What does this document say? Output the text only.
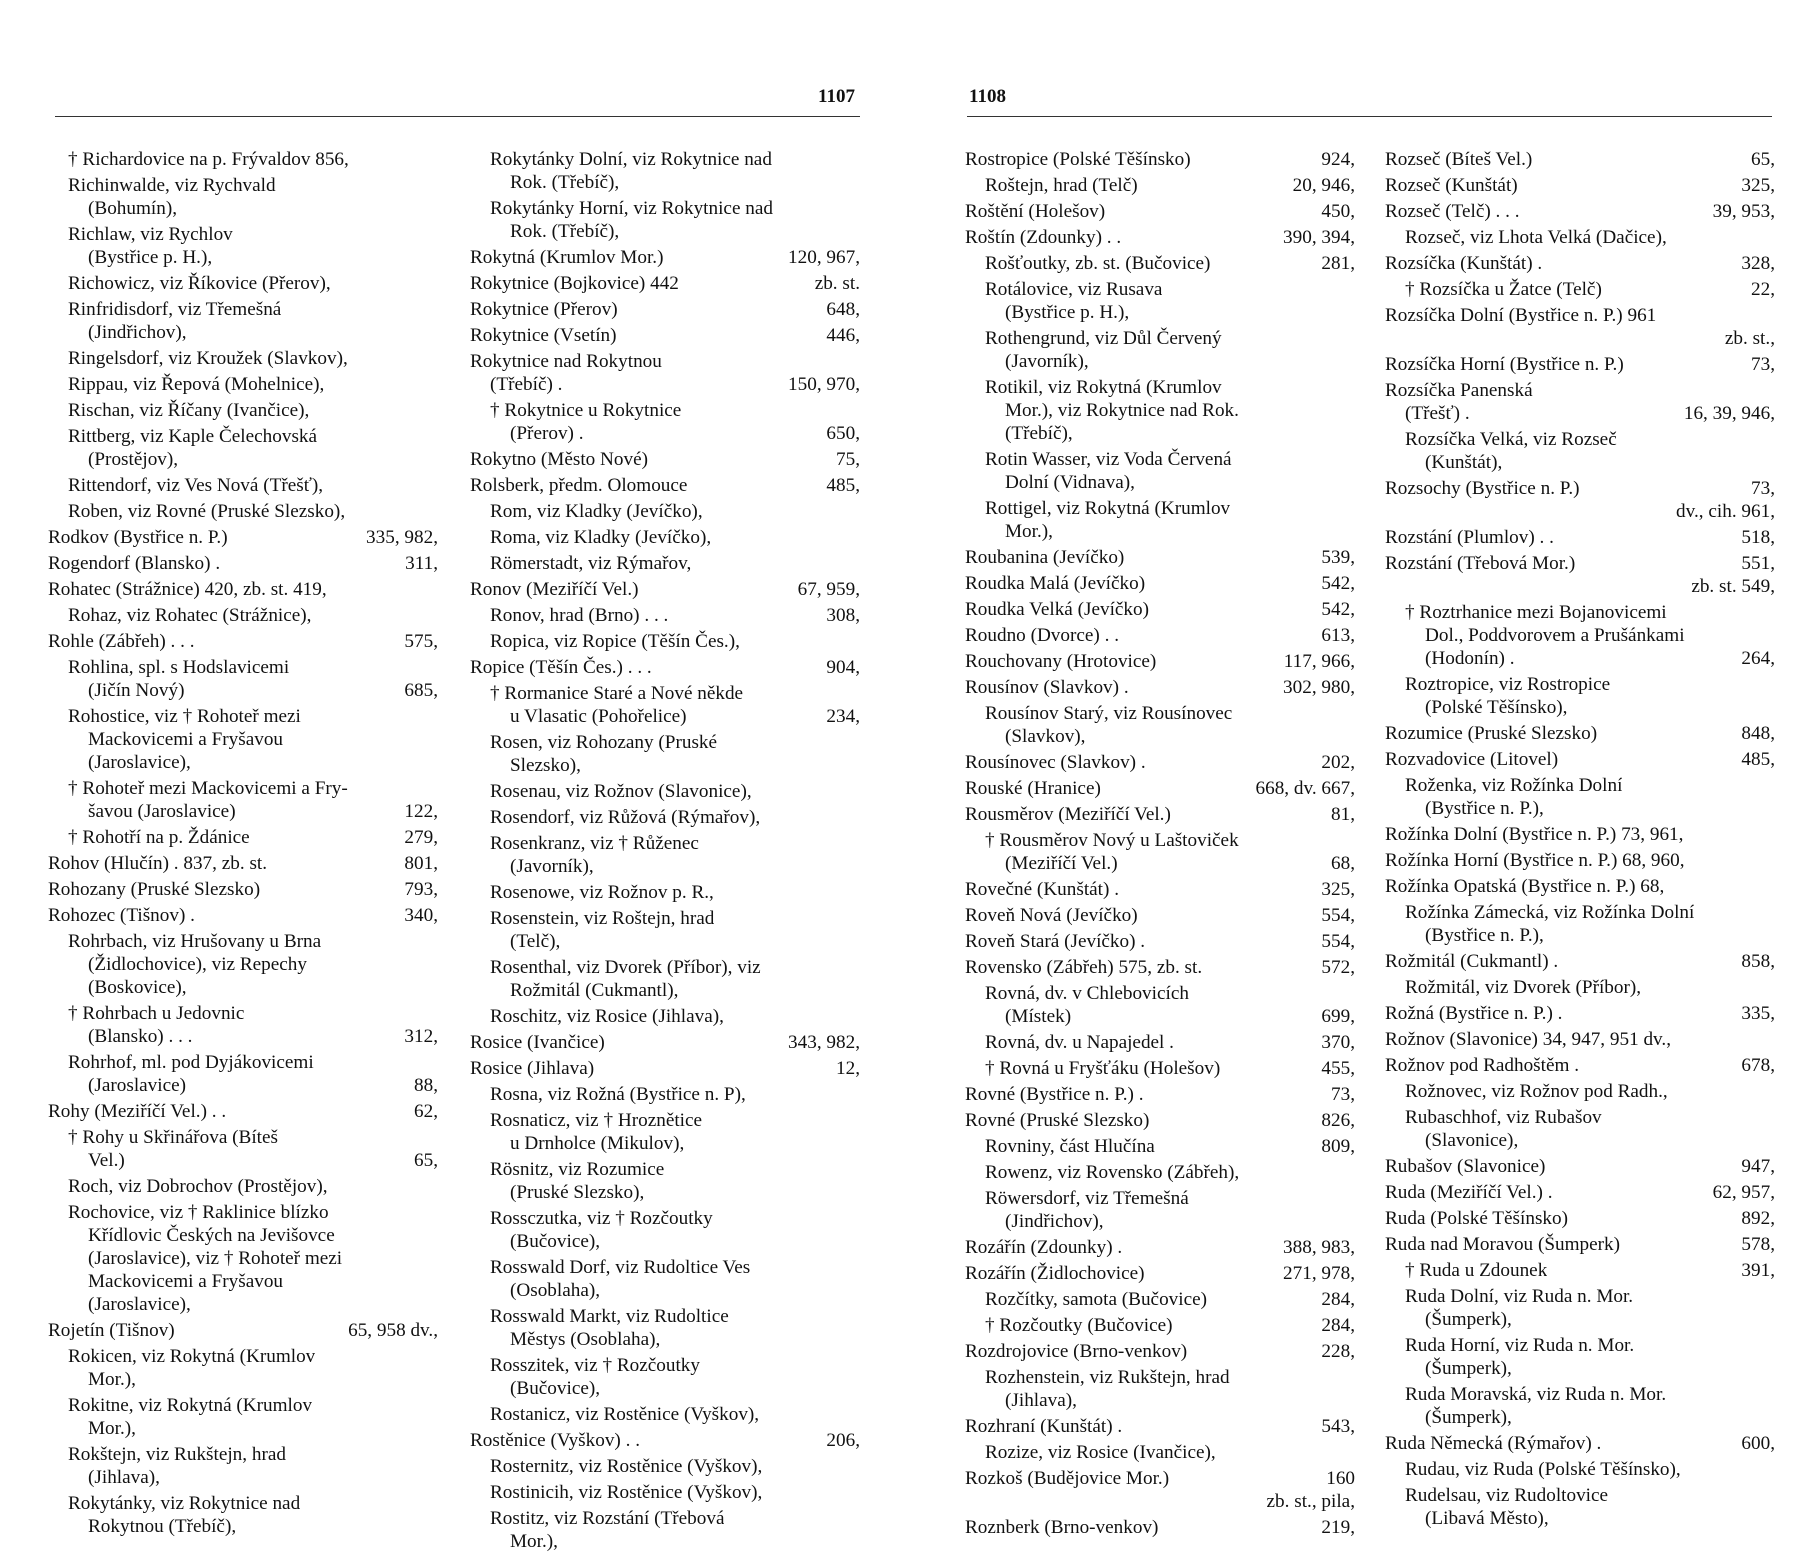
1107
† Richardovice na p. Frývaldov 856,
Richinwalde, viz Rychvald
(Bohumín),
Richlaw, viz Rychlov
(Bystřice p. H.),
Richowicz, viz Říkovice (Přerov),
Rinfridisdorf, viz Třemešná
(Jindřichov),
Ringelsdorf, viz Kroužek (Slavkov),
Rippau, viz Řepová (Mohelnice),
Rischan, viz Říčany (Ivančice),
Rittberg, viz Kaple Čelechovská
(Prostějov),
Rittendorf, viz Ves Nová (Třešť),
Roben, viz Rovné (Pruské Slezsko),
Rodkov (Bystřice n. P.)	335, 982,
Rogendorf (Blansko) .	311,
Rohatec (Strážnice) 420, zb. st. 419,
Rohaz, viz Rohatec (Strážnice),
Rohle (Zábřeh) . . .	575,
Rohlina, spl. s Hodslavicemi
(Jičín Nový)	685,
Rohostice, viz † Rohoteř mezi
Mackovicemi a Fryšavou
(Jaroslavice),
† Rohoteř mezi Mackovicemi a Fry-
šavou (Jaroslavice)	122,
† Rohotří na p. Ždánice	279,
Rohov (Hlučín) . 837, zb. st.	801,
Rohozany (Pruské Slezsko)	793,
Rohozec (Tišnov) .	340,
Rohrbach, viz Hrušovany u Brna
(Židlochovice), viz Repechy
(Boskovice),
† Rohrbach u Jedovnic
(Blansko) . . .	312,
Rohrhof, ml. pod Dyjákovicemi
(Jaroslavice)	88,
Rohy (Meziříčí Vel.) . .	62,
† Rohy u Skřinářova (Bíteš
Vel.)	65,
Roch, viz Dobrochov (Prostějov),
Rochovice, viz † Raklinice blízko
Křídlovic Českých na Jevišovce
(Jaroslavice), viz † Rohoteř mezi
Mackovicemi a Fryšavou
(Jaroslavice),
Rojetín (Tišnov)	65, 958 dv.,
Rokicen, viz Rokytná (Krumlov
Mor.),
Rokitne, viz Rokytná (Krumlov
Mor.),
Rokštejn, viz Rukštejn, hrad
(Jihlava),
Rokytánky, viz Rokytnice nad
Rokytnou (Třebíč),
Rokytánky Dolní, viz Rokytnice nad
Rok. (Třebíč),
Rokytánky Horní, viz Rokytnice nad
Rok. (Třebíč),
Rokytná (Krumlov Mor.)	120, 967,
Rokytnice (Bojkovice) 442	zb. st.
Rokytnice (Přerov)	648,
Rokytnice (Vsetín)	446,
Rokytnice nad Rokytnou
(Třebíč) .	150, 970,
† Rokytnice u Rokytnice
(Přerov) .	650,
Rokytno (Město Nové)	75,
Rolsberk, předm. Olomouce	485,
Rom, viz Kladky (Jevíčko),
Roma, viz Kladky (Jevíčko),
Römerstadt, viz Rýmařov,
Ronov (Meziříčí Vel.)	67, 959,
Ronov, hrad (Brno) . . .	308,
Ropica, viz Ropice (Těšín Čes.),
Ropice (Těšín Čes.) . . .	904,
† Rormanice Staré a Nové někde
u Vlasatic (Pohořelice)	234,
Rosen, viz Rohozany (Pruské
Slezsko),
Rosenau, viz Rožnov (Slavonice),
Rosendorf, viz Růžová (Rýmařov),
Rosenkranz, viz † Růženec
(Javorník),
Rosenowe, viz Rožnov p. R.,
Rosenstein, viz Roštejn, hrad
(Telč),
Rosenthal, viz Dvorek (Příbor), viz
Rožmitál (Cukmantl),
Roschitz, viz Rosice (Jihlava),
Rosice (Ivančice)	343, 982,
Rosice (Jihlava)	12,
Rosna, viz Rožná (Bystřice n. P),
Rosnaticz, viz † Hroznětice
u Drnholce (Mikulov),
Rösnitz, viz Rozumice
(Pruské Slezsko),
Rossczutka, viz † Rozčoutky
(Bučovice),
Rosswald Dorf, viz Rudoltice Ves
(Osoblaha),
Rosswald Markt, viz Rudoltice
Městys (Osoblaha),
Rosszitek, viz † Rozčoutky
(Bučovice),
Rostanicz, viz Rostěnice (Vyškov),
Rostěnice (Vyškov) . .	206,
Rosternitz, viz Rostěnice (Vyškov),
Rostinicih, viz Rostěnice (Vyškov),
Rostitz, viz Rozstání (Třebová
Mor.),
1108
Rostropice (Polské Těšínsko)	924,
Roštejn, hrad (Telč)	20, 946,
Roštění (Holešov)	450,
Roštín (Zdounky) . .	390, 394,
Rošťoutky, zb. st. (Bučovice)	281,
Rotálovice, viz Rusava
(Bystřice p. H.),
Rothengrund, viz Důl Červený
(Javorník),
Rotikil, viz Rokytná (Krumlov
Mor.), viz Rokytnice nad Rok.
(Třebíč),
Rotin Wasser, viz Voda Červená
Dolní (Vidnava),
Rottigel, viz Rokytná (Krumlov
Mor.),
Roubanina (Jevíčko)	539,
Roudka Malá (Jevíčko)	542,
Roudka Velká (Jevíčko)	542,
Roudno (Dvorce) . .	613,
Rouchovany (Hrotovice)	117, 966,
Rousínov (Slavkov) .	302, 980,
Rousínov Starý, viz Rousínovec
(Slavkov),
Rousínovec (Slavkov) .	202,
Rouské (Hranice)	668, dv. 667,
Rousměrov (Meziříčí Vel.)	81,
† Rousměrov Nový u Laštoviček
(Meziříčí Vel.)	68,
Rovečné (Kunštát) .	325,
Roveň Nová (Jevíčko)	554,
Roveň Stará (Jevíčko) .	554,
Rovensko (Zábřeh) 575, zb. st.	572,
Rovná, dv. v Chlebovicích
(Místek)	699,
Rovná, dv. u Napajedel .	370,
† Rovná u Fryšťáku (Holešov)	455,
Rovné (Bystřice n. P.) .	73,
Rovné (Pruské Slezsko)	826,
Rovniny, část Hlučína	809,
Rowenz, viz Rovensko (Zábřeh),
Röwersdorf, viz Třemešná
(Jindřichov),
Rozářín (Zdounky) .	388, 983,
Rozářín (Židlochovice)	271, 978,
Rozčítky, samota (Bučovice)	284,
† Rozčoutky (Bučovice)	284,
Rozdrojovice (Brno-venkov)	228,
Rozhenstein, viz Rukštejn, hrad
(Jihlava),
Rozhraní (Kunštát) .	543,
Rozize, viz Rosice (Ivančice),
Rozkoš (Budějovice Mor.)	160
zb. st., pila,
Roznberk (Brno-venkov)	219,
Rozseč (Bíteš Vel.)	65,
Rozseč (Kunštát)	325,
Rozseč (Telč) . . .	39, 953,
Rozseč, viz Lhota Velká (Dačice),
Rozsíčka (Kunštát) .	328,
† Rozsíčka u Žatce (Telč)	22,
Rozsíčka Dolní (Bystřice n. P.) 961
zb. st.,
Rozsíčka Horní (Bystřice n. P.)	73,
Rozsíčka Panenská
(Třešť) .	16, 39, 946,
Rozsíčka Velká, viz Rozseč
(Kunštát),
Rozsochy (Bystřice n. P.)	73,
dv., cih. 961,
Rozstání (Plumlov) . .	518,
Rozstání (Třebová Mor.)	551,
zb. st. 549,
† Roztrhanice mezi Bojanovicemi
Dol., Poddvorovem a Prušánkami
(Hodonín) .	264,
Roztropice, viz Rostropice
(Polské Těšínsko),
Rozumice (Pruské Slezsko)	848,
Rozvadovice (Litovel)	485,
Roženka, viz Rožínka Dolní
(Bystřice n. P.),
Rožínka Dolní (Bystřice n. P.) 73, 961,
Rožínka Horní (Bystřice n. P.) 68, 960,
Rožínka Opatská (Bystřice n. P.) 68,
Rožínka Zámecká, viz Rožínka Dolní
(Bystřice n. P.),
Rožmitál (Cukmantl) .	858,
Rožmitál, viz Dvorek (Příbor),
Rožná (Bystřice n. P.) .	335,
Rožnov (Slavonice) 34, 947, 951 dv.,
Rožnov pod Radhoštěm .	678,
Rožnovec, viz Rožnov pod Radh.,
Rubaschhof, viz Rubašov
(Slavonice),
Rubašov (Slavonice)	947,
Ruda (Meziříčí Vel.) .	62, 957,
Ruda (Polské Těšínsko)	892,
Ruda nad Moravou (Šumperk)	578,
† Ruda u Zdounek	391,
Ruda Dolní, viz Ruda n. Mor.
(Šumperk),
Ruda Horní, viz Ruda n. Mor.
(Šumperk),
Ruda Moravská, viz Ruda n. Mor.
(Šumperk),
Ruda Německá (Rýmařov) .	600,
Rudau, viz Ruda (Polské Těšínsko),
Rudelsau, viz Rudoltovice
(Libavá Město),
